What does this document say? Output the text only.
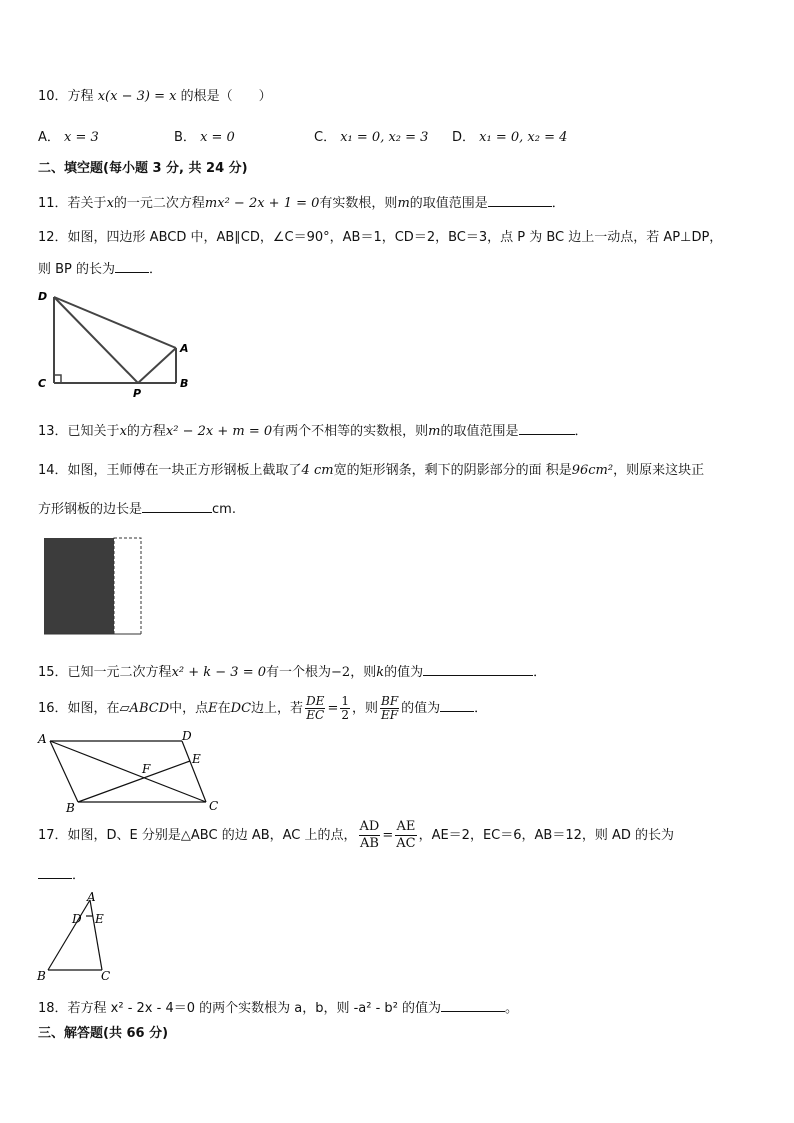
10．方程 x(x − 3) = x 的根是（　　）
A． x = 3	B． x = 0	C． x₁ = 0, x₂ = 3 D． x₁ = 0, x₂ = 4
二、填空题(每小题 3 分, 共 24 分)
11．若关于x的一元二次方程mx² − 2x + 1 = 0有实数根，则m的取值范围是	．
12．如图，四边形 ABCD 中，AB∥CD，∠C＝90°，AB＝1，CD＝2，BC＝3，点 P 为 BC 边上一动点，若 AP⊥DP，
则 BP 的长为	．
D
A
C
P
B
13．已知关于x的方程x² − 2x + m = 0有两个不相等的实数根，则m的取值范围是	．
14．如图，王师傅在一块正方形钢板上截取了4 cm宽的矩形钢条，剩下的阴影部分的面 积是96cm²，则原来这块正
方形钢板的边长是	cm.
15．已知一元二次方程x² + k − 3 = 0有一个根为−2，则k的值为	．
16．如图，在▱ABCD中，点E在DC边上，若 $\frac{DE}{EC} = \frac{1}{2}$ ，则 $\frac{BF}{EF}$ 的值为	．
A	D
E
F
B	C
17．如图，D、E 分别是△ABC 的边 AB，AC 上的点， $\frac{AD}{AB} = \frac{AE}{AC}$ ，AE＝2，EC＝6，AB＝12，则 AD 的长为
．
A
D E
B	C
18．若方程 x² - 2x - 4＝0 的两个实数根为 a，b，则 -a² - b² 的值为	。
三、解答题(共 66 分)
